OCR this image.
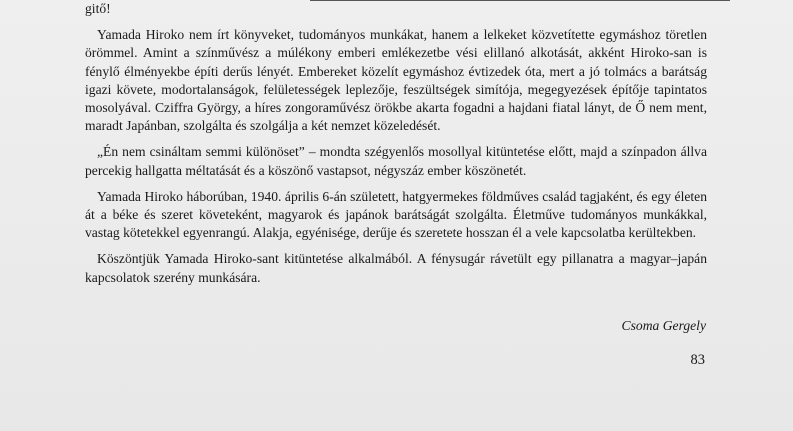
gitő!

Yamada Hiroko nem írt könyveket, tudományos munkákat, hanem a lelkeket közvetítette egymáshoz töretlen örömmel. Amint a színművész a múlékony emberi emlékezetbe vési elillanó alkotását, akként Hiroko-san is fénylő élményekbe építi derűs lényét. Embereket közelít egymáshoz évtizedek óta, mert a jó tolmács a barátság igazi követe, modortalanságok, felületességek leplezője, feszültségek simítója, megegyezések építője tapintatos mosolyával. Cziffra György, a híres zongoraművész örökbe akarta fogadni a hajdani fiatal lányt, de Ő nem ment, maradt Japánban, szolgálta és szolgálja a két nemzet közeledését.

„Én nem csináltam semmi különöset” – mondta szégyenlős mosollyal kitüntetése előtt, majd a színpadon állva percekig hallgatta méltatását és a köszönő vastapsot, négyszáz ember köszönetét.

Yamada Hiroko háborúban, 1940. április 6-án született, hatgyermekes földműves család tagjaként, és egy életen át a béke és szeret követeként, magyarok és japánok barátságát szolgálta. Életműve tudományos munkákkal, vastag kötetekkel egyenrangú. Alakja, egyénisége, derűje és szeretete hosszan él a vele kapcsolatba kerültekben.

Köszöntjük Yamada Hiroko-sant kitüntetése alkalmából. A fénysugár rávetült egy pillanatra a magyar–japán kapcsolatok szerény munkására.

Csoma Gergely
83
